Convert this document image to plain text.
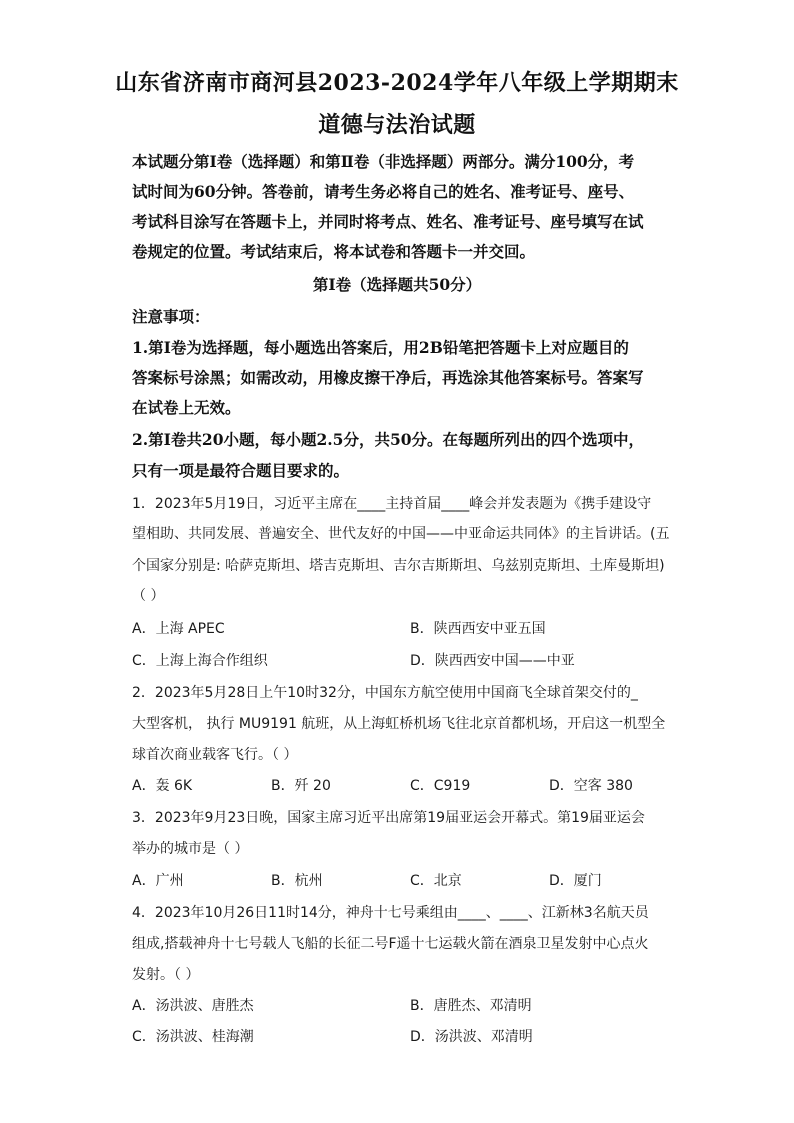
山东省济南市商河县2023-2024学年八年级上学期期末
道德与法治试题
本试题分第Ⅰ卷（选择题）和第Ⅱ卷（非选择题）两部分。满分100分，考
试时间为60分钟。答卷前，请考生务必将自己的姓名、准考证号、座号、
考试科目涂写在答题卡上，并同时将考点、姓名、准考证号、座号填写在试
卷规定的位置。考试结束后，将本试卷和答题卡一并交回。
第Ⅰ卷（选择题共50分）
注意事项：
1.第Ⅰ卷为选择题，每小题选出答案后，用2B铅笔把答题卡上对应题目的
答案标号涂黑；如需改动，用橡皮擦干净后，再选涂其他答案标号。答案写
在试卷上无效。
2.第Ⅰ卷共20小题，每小题2.5分，共50分。在每题所列出的四个选项中，
只有一项是最符合题目要求的。
1．2023年5月19日，习近平主席在____主持首届____峰会并发表题为《携手建设守
望相助、共同发展、普遍安全、世代友好的中国——中亚命运共同体》的主旨讲话。(五
个国家分别是: 哈萨克斯坦、塔吉克斯坦、吉尔吉斯斯坦、乌兹别克斯坦、土库曼斯坦)
（ ）
A．上海 APEC	B．陕西西安中亚五国
C．上海上海合作组织	D．陕西西安中国——中亚
2．2023年5月28日上午10时32分，中国东方航空使用中国商飞全球首架交付的_
大型客机， 执行 MU9191 航班，从上海虹桥机场飞往北京首都机场，开启这一机型全
球首次商业载客飞行。（ ）
A．轰 6K	B．歼 20	C．C919	D．空客 380
3．2023年9月23日晚，国家主席习近平出席第19届亚运会开幕式。第19届亚运会
举办的城市是（ ）
A．广州	B．杭州	C．北京	D．厦门
4．2023年10月26日11时14分，神舟十七号乘组由____、____、江新林3名航天员
组成,搭载神舟十七号载人飞船的长征二号F遥十七运载火箭在酒泉卫星发射中心点火
发射。（ ）
A．汤洪波、唐胜杰	B．唐胜杰、邓清明
C．汤洪波、桂海潮	D．汤洪波、邓清明
